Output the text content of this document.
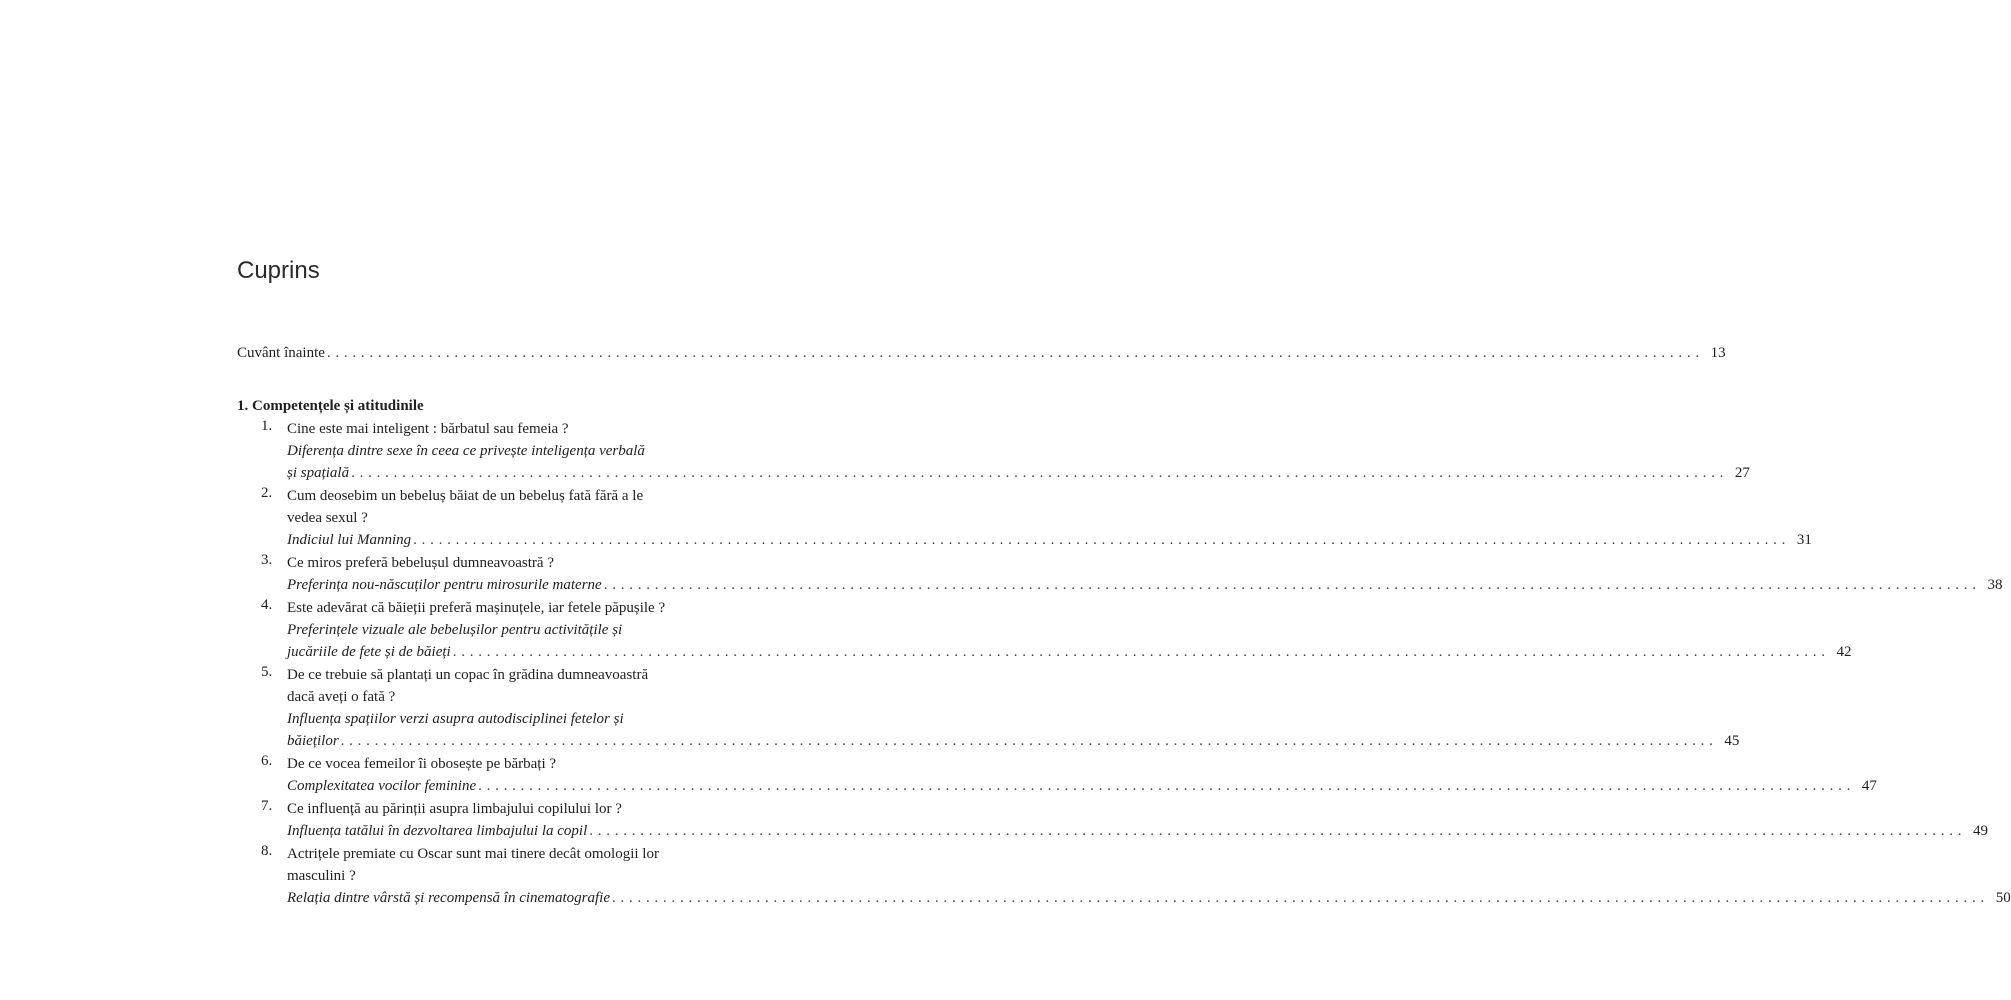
Cuprins
Cuvânt înainte . . .	13
1. Competențele și atitudinile
1. Cine este mai inteligent : bărbatul sau femeia ?
Diferența dintre sexe în ceea ce privește inteligența verbală
și spațială . . .	27
2. Cum deosebim un bebeluș băiat de un bebeluș fată fără a le
vedea sexul ?
Indiciul lui Manning . . .	31
3. Ce miros preferă bebelușul dumneavoastră ?
Preferința nou-născuților pentru mirosurile materne . . .	38
4. Este adevărat că băieții preferă mașinuțele, iar fetele păpușile ?
Preferințele vizuale ale bebelușilor pentru activitățile și
jucăriile de fete și de băieți . . .	42
5. De ce trebuie să plantați un copac în grădina dumneavoastră
dacă aveți o fată ?
Influența spațiilor verzi asupra autodisciplinei fetelor și
băieților . . .	45
6. De ce vocea femeilor îi obosește pe bărbați ?
Complexitatea vocilor feminine . . .	47
7. Ce influență au părinții asupra limbajului copilului lor ?
Influența tatălui în dezvoltarea limbajului la copil . . .	49
8. Actrițele premiate cu Oscar sunt mai tinere decât omologii lor
masculini ?
Relația dintre vârstă și recompensă în cinematografie . . .	50
